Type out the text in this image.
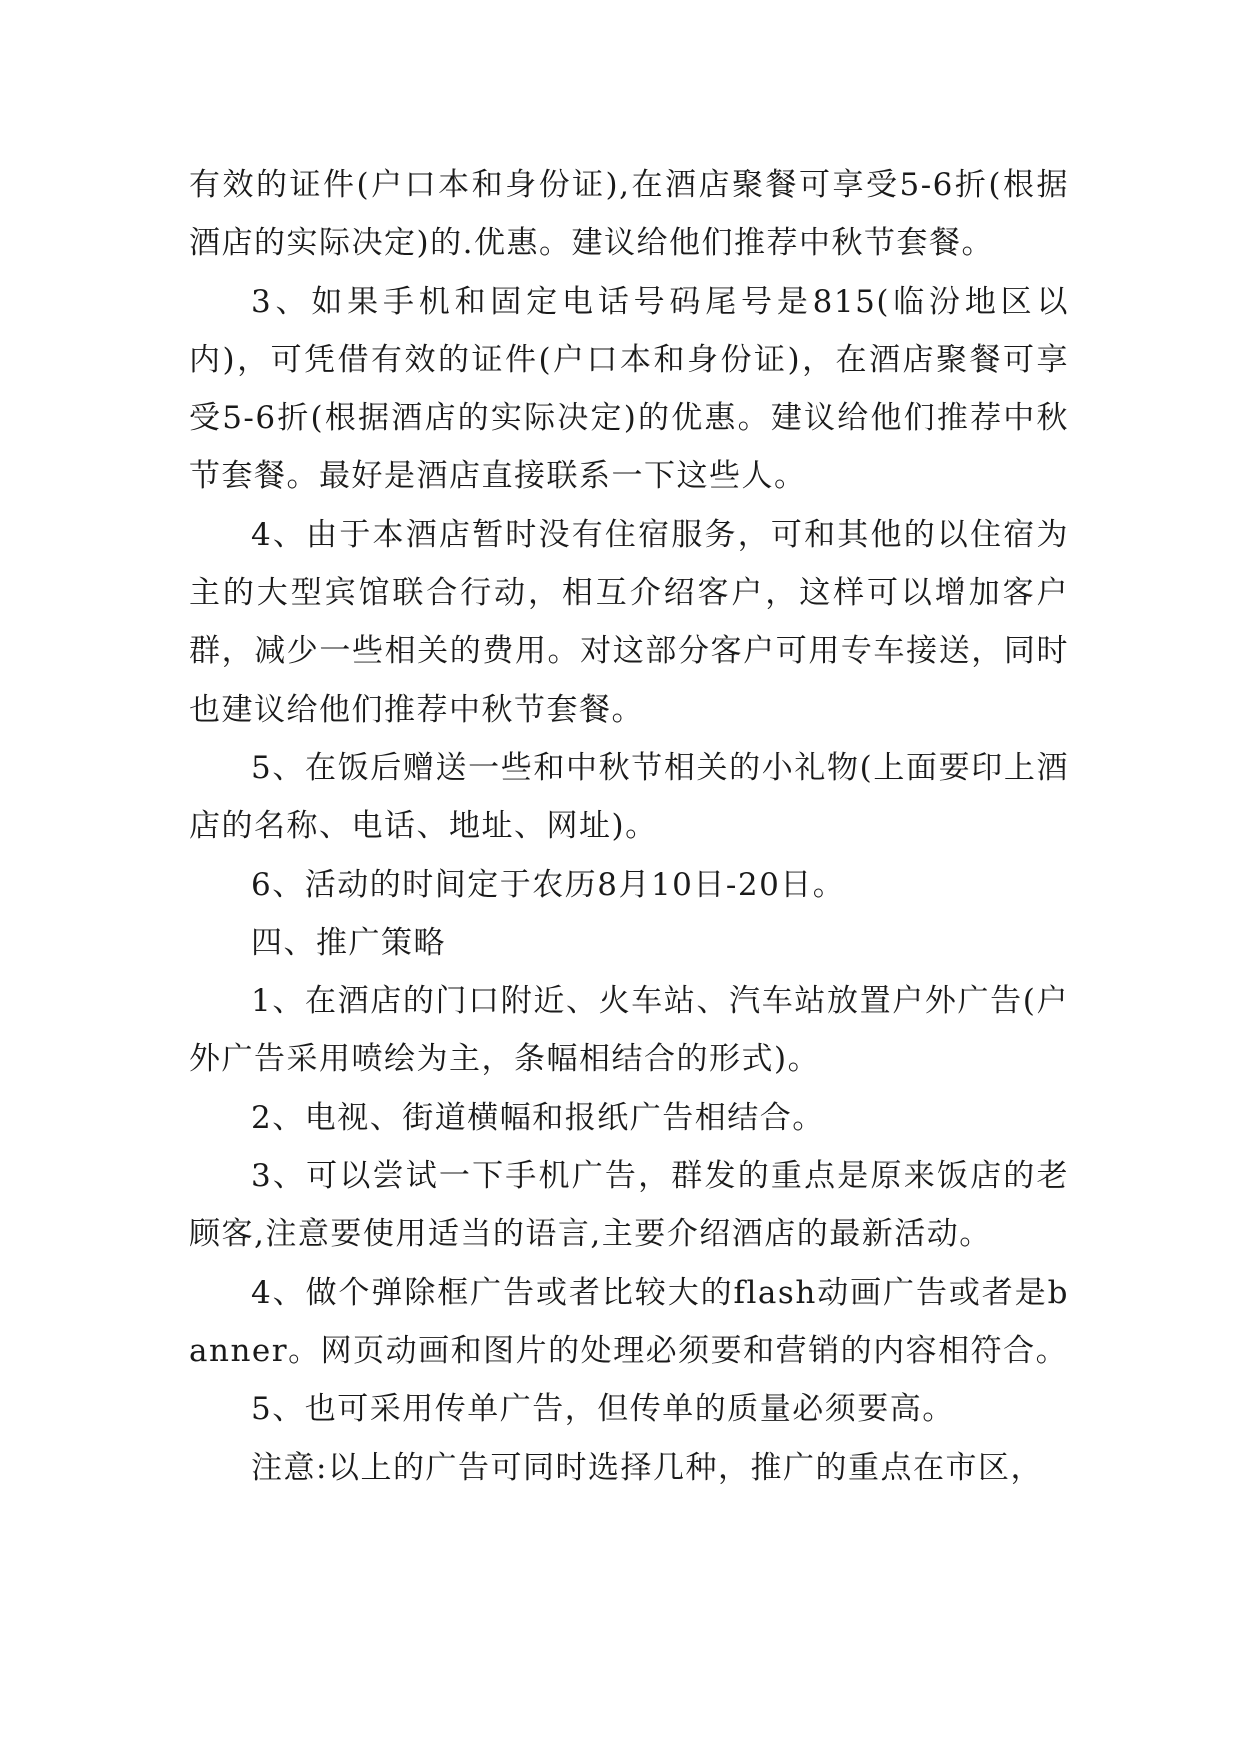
有效的证件(户口本和身份证),在酒店聚餐可享受5-6折(根据酒店的实际决定)的.优惠。建议给他们推荐中秋节套餐。

3、如果手机和固定电话号码尾号是815(临汾地区以内)，可凭借有效的证件(户口本和身份证)，在酒店聚餐可享受5-6折(根据酒店的实际决定)的优惠。建议给他们推荐中秋节套餐。最好是酒店直接联系一下这些人。

4、由于本酒店暂时没有住宿服务，可和其他的以住宿为主的大型宾馆联合行动，相互介绍客户，这样可以增加客户群，减少一些相关的费用。对这部分客户可用专车接送，同时也建议给他们推荐中秋节套餐。

5、在饭后赠送一些和中秋节相关的小礼物(上面要印上酒店的名称、电话、地址、网址)。

6、活动的时间定于农历8月10日-20日。

四、推广策略

1、在酒店的门口附近、火车站、汽车站放置户外广告(户外广告采用喷绘为主，条幅相结合的形式)。

2、电视、街道横幅和报纸广告相结合。

3、可以尝试一下手机广告，群发的重点是原来饭店的老顾客,注意要使用适当的语言,主要介绍酒店的最新活动。

4、做个弹除框广告或者比较大的flash动画广告或者是banner。网页动画和图片的处理必须要和营销的内容相符合。

5、也可采用传单广告，但传单的质量必须要高。

注意:以上的广告可同时选择几种，推广的重点在市区，
